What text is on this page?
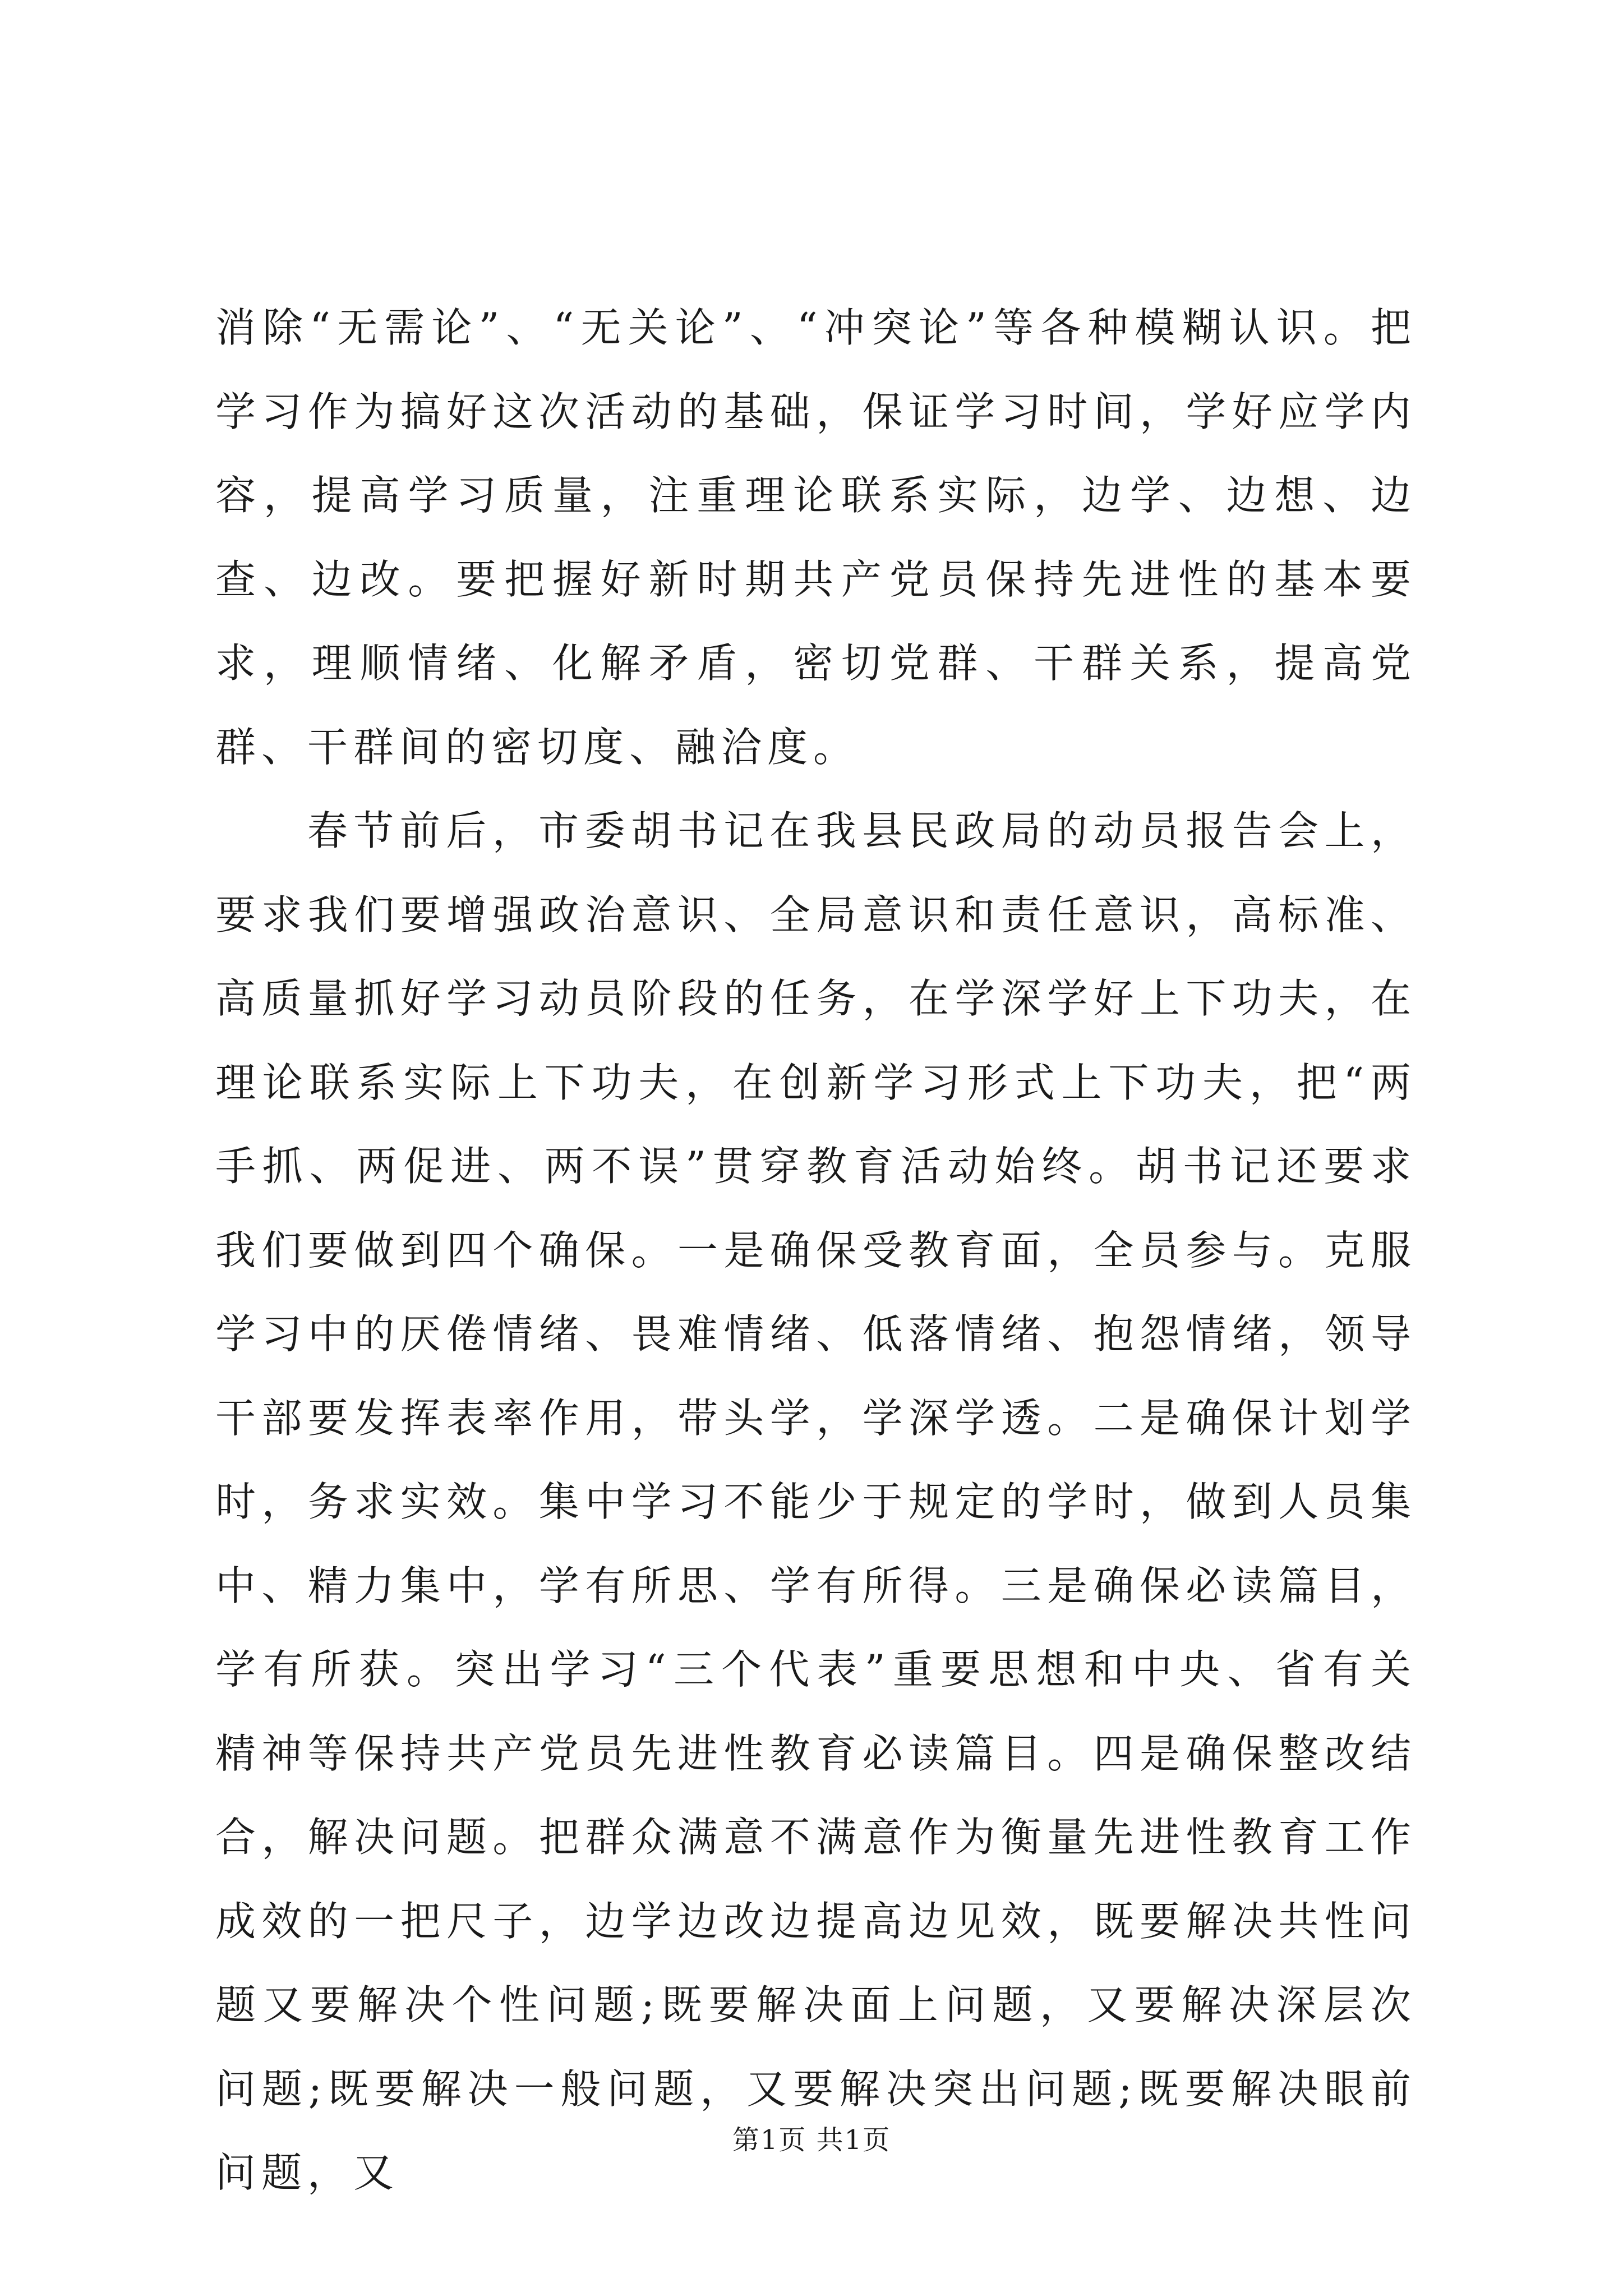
消除“无需论”、“无关论”、“冲突论”等各种模糊认识。把学习作为搞好这次活动的基础，保证学习时间，学好应学内容，提高学习质量，注重理论联系实际，边学、边想、边查、边改。要把握好新时期共产党员保持先进性的基本要求，理顺情绪、化解矛盾，密切党群、干群关系，提高党群、干群间的密切度、融洽度。

春节前后，市委胡书记在我县民政局的动员报告会上，要求我们要增强政治意识、全局意识和责任意识，高标准、高质量抓好学习动员阶段的任务，在学深学好上下功夫，在理论联系实际上下功夫，在创新学习形式上下功夫，把“两手抓、两促进、两不误”贯穿教育活动始终。胡书记还要求我们要做到四个确保。一是确保受教育面，全员参与。克服学习中的厌倦情绪、畏难情绪、低落情绪、抱怨情绪，领导干部要发挥表率作用，带头学，学深学透。二是确保计划学时，务求实效。集中学习不能少于规定的学时，做到人员集中、精力集中，学有所思、学有所得。三是确保必读篇目，学有所获。突出学习“三个代表”重要思想和中央、省有关精神等保持共产党员先进性教育必读篇目。四是确保整改结合，解决问题。把群众满意不满意作为衡量先进性教育工作成效的一把尺子，边学边改边提高边见效，既要解决共性问题又要解决个性问题;既要解决面上问题，又要解决深层次问题;既要解决一般问题，又要解决突出问题;既要解决眼前问题，又

第1页 共1页
